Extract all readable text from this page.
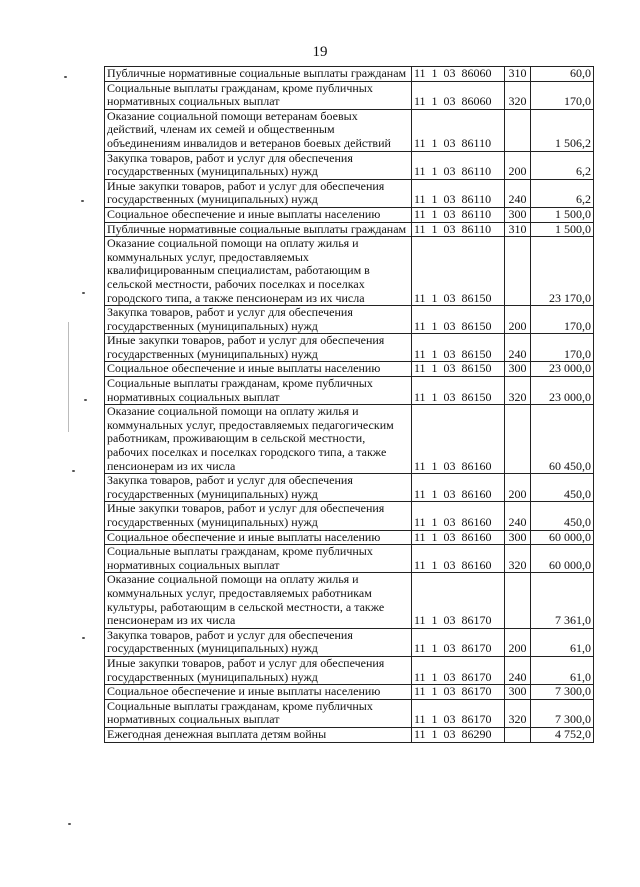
19
Публичные нормативные социальные выплаты гражданам	11  1  03  86060	310	60,0
Социальные выплаты гражданам, кроме публичных нормативных социальных выплат	11  1  03  86060	320	170,0
Оказание социальной помощи ветеранам боевых действий, членам их семей и общественным объединениям инвалидов и ветеранов боевых действий	11  1  03  86110		1 506,2
Закупка товаров, работ и услуг для обеспечения государственных (муниципальных) нужд	11  1  03  86110	200	6,2
Иные закупки товаров, работ и услуг для обеспечения государственных (муниципальных) нужд	11  1  03  86110	240	6,2
Социальное обеспечение и иные выплаты населению	11  1  03  86110	300	1 500,0
Публичные нормативные социальные выплаты гражданам	11  1  03  86110	310	1 500,0
Оказание социальной помощи на оплату жилья и коммунальных услуг, предоставляемых квалифицированным специалистам, работающим в сельской местности, рабочих поселках и поселках городского типа, а также пенсионерам из их числа	11  1  03  86150		23 170,0
Закупка товаров, работ и услуг для обеспечения государственных (муниципальных) нужд	11  1  03  86150	200	170,0
Иные закупки товаров, работ и услуг для обеспечения государственных (муниципальных) нужд	11  1  03  86150	240	170,0
Социальное обеспечение и иные выплаты населению	11  1  03  86150	300	23 000,0
Социальные выплаты гражданам, кроме публичных нормативных социальных выплат	11  1  03  86150	320	23 000,0
Оказание социальной помощи на оплату жилья и коммунальных услуг, предоставляемых педагогическим работникам, проживающим в сельской местности, рабочих поселках и поселках городского типа, а также пенсионерам из их числа	11  1  03  86160		60 450,0
Закупка товаров, работ и услуг для обеспечения государственных (муниципальных) нужд	11  1  03  86160	200	450,0
Иные закупки товаров, работ и услуг для обеспечения государственных (муниципальных) нужд	11  1  03  86160	240	450,0
Социальное обеспечение и иные выплаты населению	11  1  03  86160	300	60 000,0
Социальные выплаты гражданам, кроме публичных нормативных социальных выплат	11  1  03  86160	320	60 000,0
Оказание социальной помощи на оплату жилья и коммунальных услуг, предоставляемых работникам культуры, работающим в сельской местности, а также пенсионерам из их числа	11  1  03  86170		7 361,0
Закупка товаров, работ и услуг для обеспечения государственных (муниципальных) нужд	11  1  03  86170	200	61,0
Иные закупки товаров, работ и услуг для обеспечения государственных (муниципальных) нужд	11  1  03  86170	240	61,0
Социальное обеспечение и иные выплаты населению	11  1  03  86170	300	7 300,0
Социальные выплаты гражданам, кроме публичных нормативных социальных выплат	11  1  03  86170	320	7 300,0
Ежегодная денежная выплата детям войны	11  1  03  86290		4 752,0
